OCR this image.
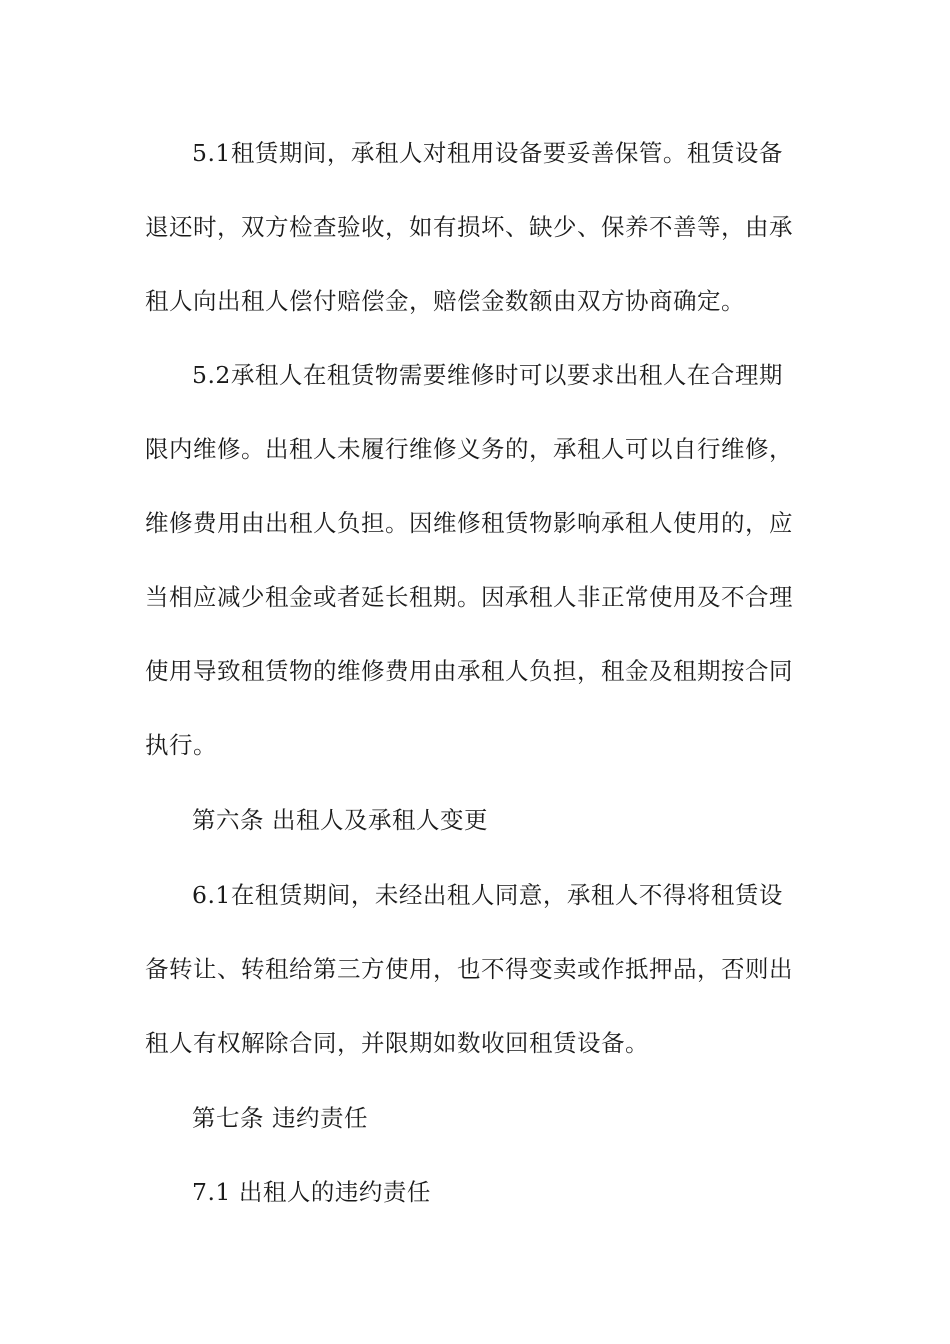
5.1租赁期间，承租人对租用设备要妥善保管。租赁设备
退还时，双方检查验收，如有损坏、缺少、保养不善等，由承
租人向出租人偿付赔偿金，赔偿金数额由双方协商确定。
5.2承租人在租赁物需要维修时可以要求出租人在合理期
限内维修。出租人未履行维修义务的，承租人可以自行维修，
维修费用由出租人负担。因维修租赁物影响承租人使用的，应
当相应减少租金或者延长租期。因承租人非正常使用及不合理
使用导致租赁物的维修费用由承租人负担，租金及租期按合同
执行。
第六条 出租人及承租人变更
6.1在租赁期间，未经出租人同意，承租人不得将租赁设
备转让、转租给第三方使用，也不得变卖或作抵押品，否则出
租人有权解除合同，并限期如数收回租赁设备。
第七条 违约责任
7.1 出租人的违约责任
